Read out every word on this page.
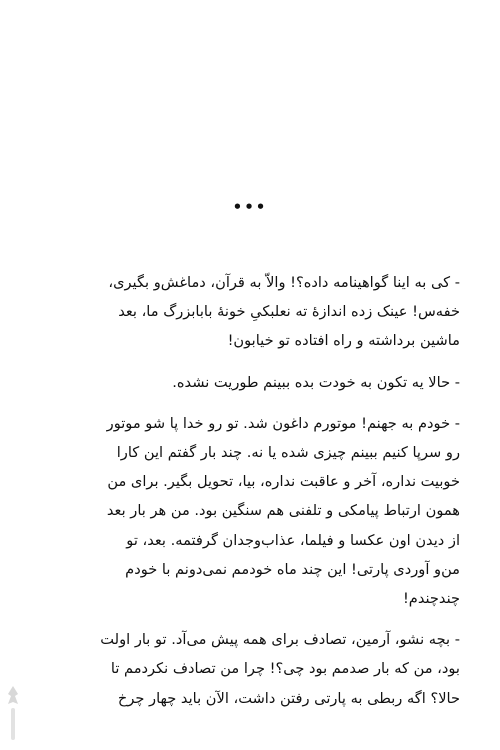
•••

- کی به اینا گواهینامه داده؟! والاّ به قرآن، دماغش‌و بگیری،
خفه‌س! عینک زده اندازهٔ ته نعلبکیِ خونهٔ بابابزرگ ما، بعد
ماشین برداشته و راه افتاده تو خیابون!

- حالا یه تکون به خودت بده ببینم طوریت نشده.

- خودم به جهنم! موتورم داغون شد. تو رو خدا پا شو موتور
رو سرپا کنیم ببینم چیزی شده یا نه. چند بار گفتم این کارا
خوبیت نداره، آخر و عاقبت نداره، بیا، تحویل بگیر. برای من
همون ارتباط پیامکی و تلفنی هم سنگین بود. من هر بار بعد
از دیدن اون عکسا و فیلما، عذاب‌وجدان گرفتمه. بعد، تو
من‌و آوردی پارتی! این چند ماه خودمم نمی‌دونم با خودم
چندچندم!

- بچه نشو، آرمین، تصادف برای همه پیش می‌آد. تو بار اولت
بود، من که بار صدمم بود چی؟! چرا من تصادف نکردمم تا
حالا؟ اگه ربطی به پارتی رفتن داشت، الآن باید چهار چرخ
